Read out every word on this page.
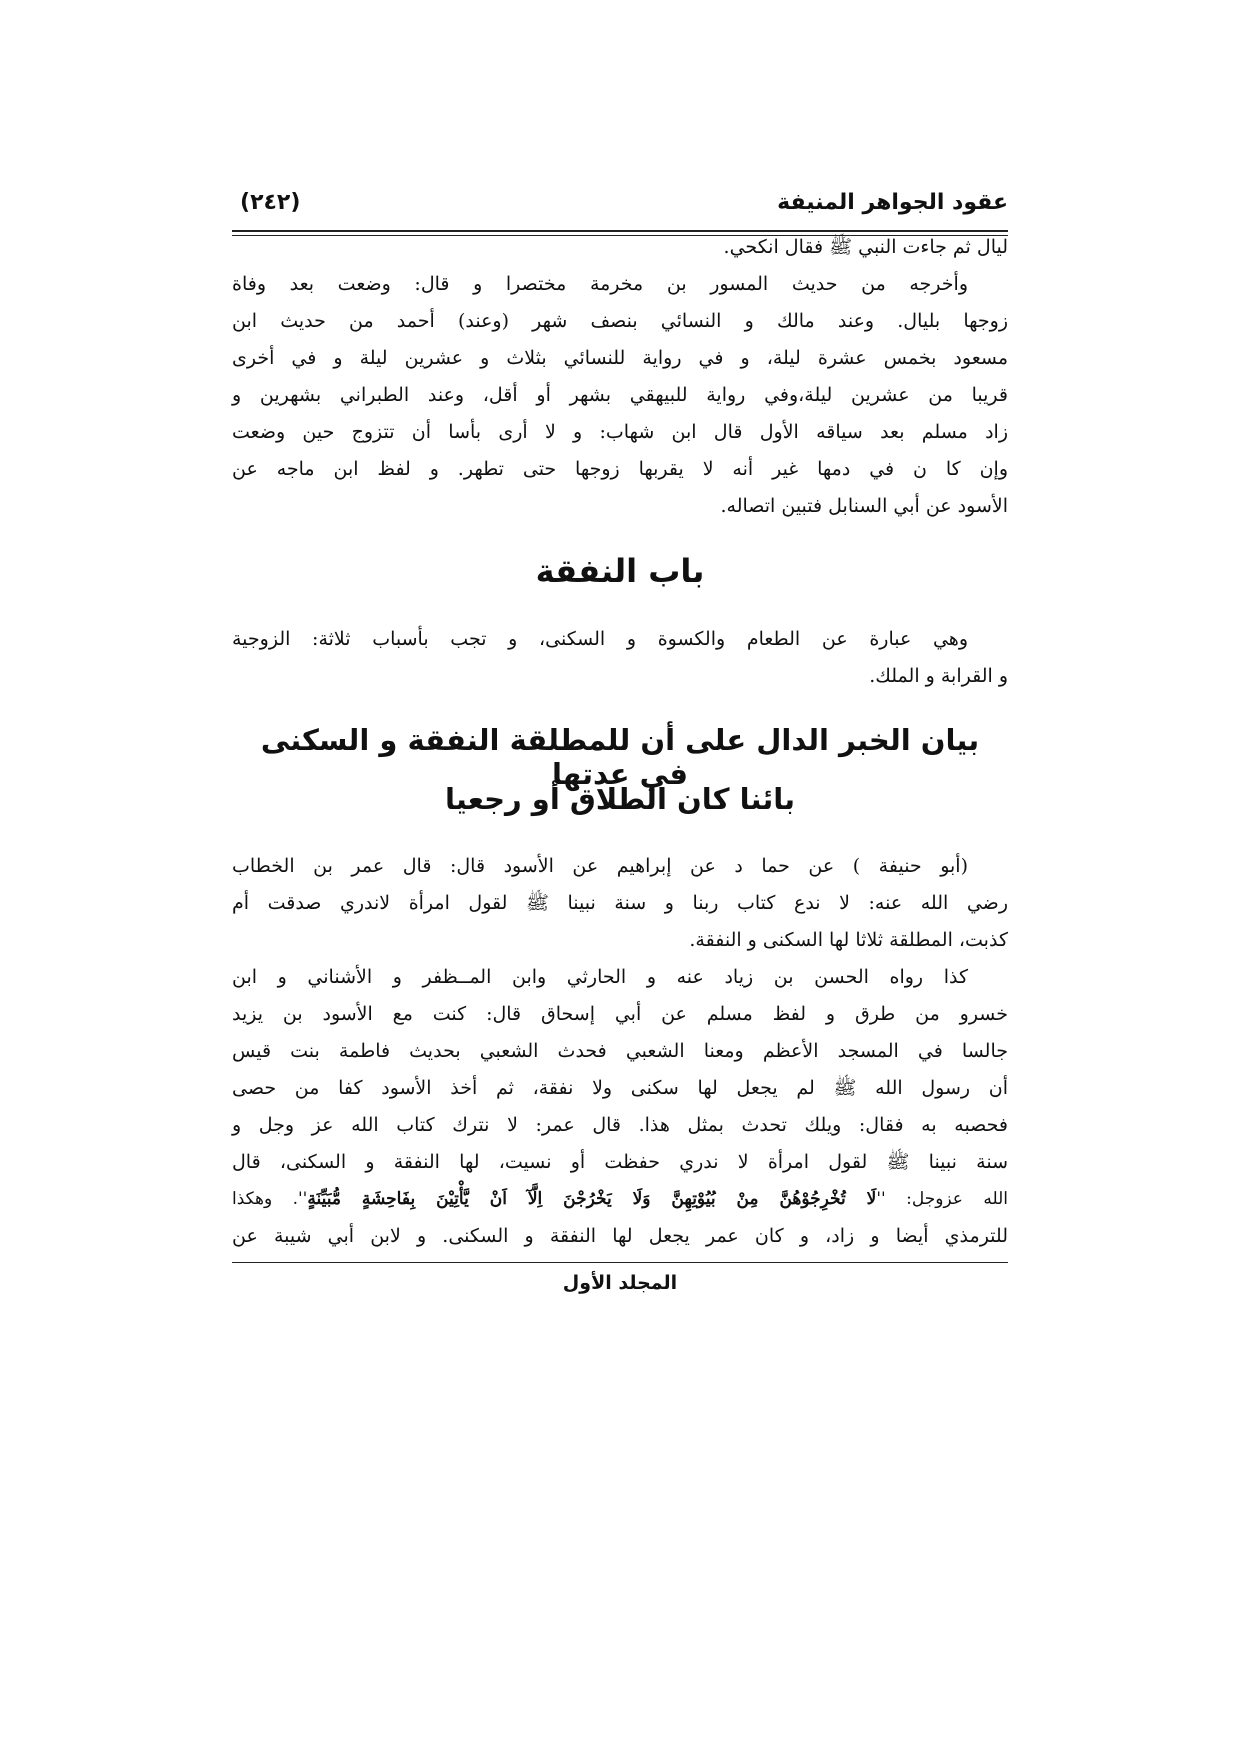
عقود الجواهر المنيفة
(٢٤٢)
ليال ثم جاءت النبي ﷺ فقال انكحي.
وأخرجه من حديث المسور بن مخرمة مختصرا و قال: وضعت بعد وفاة
زوجها بليال. وعند مالك و النسائي بنصف شهر (وعند) أحمد من حديث ابن
مسعود بخمس عشرة ليلة، و في رواية للنسائي بثلاث و عشرين ليلة و في أخرى
قريبا من عشرين ليلة،وفي رواية للبيهقي بشهر أو أقل، وعند الطبراني بشهرين و
زاد مسلم بعد سياقه الأول قال ابن شهاب: و لا أرى بأسا أن تتزوج حين وضعت
وإن كا ن في دمها غير أنه لا يقربها زوجها حتى تطهر. و لفظ ابن ماجه عن
الأسود عن أبي السنابل فتبين اتصاله.
باب النفقة
وهي عبارة عن الطعام والكسوة و السكنى، و تجب بأسباب ثلاثة: الزوجية
و القرابة و الملك.
بيان الخبر الدال على أن للمطلقة النفقة و السكنى في عدتها
بائنا كان الطلاق أو رجعيا
(أبو حنيفة ) عن حما د عن إبراهيم عن الأسود قال: قال عمر بن الخطاب
رضي الله عنه: لا ندع كتاب ربنا و سنة نبينا ﷺ لقول امرأة لاندري صدقت أم
كذبت، المطلقة ثلاثا لها السكنى و النفقة.
كذا رواه الحسن بن زياد عنه و الحارثي وابن المــظفر و الأشناني و ابن
خسرو من طرق و لفظ مسلم عن أبي إسحاق قال: كنت مع الأسود بن يزيد
جالسا في المسجد الأعظم ومعنا الشعبي فحدث الشعبي بحديث فاطمة بنت قيس
أن رسول الله ﷺ لم يجعل لها سكنى ولا نفقة، ثم أخذ الأسود كفا من حصى
فحصبه به فقال: ويلك تحدث بمثل هذا. قال عمر: لا نترك كتاب الله عز وجل و
سنة نبينا ﷺ لقول امرأة لا ندري حفظت أو نسيت، لها النفقة و السكنى، قال
الله عزوجل: ''لَا تُخْرِجُوْهُنَّ مِنْ بُيُوْتِهِنَّ وَلَا يَخْرُجْنَ اِلَّآ اَنْ يَّأْتِيْنَ بِفَاحِشَةٍ مُّبَيِّنَةٍ''. وهكذا
للترمذي أيضا و زاد، و كان عمر يجعل لها النفقة و السكنى. و لابن أبي شيبة عن
المجلد الأول
